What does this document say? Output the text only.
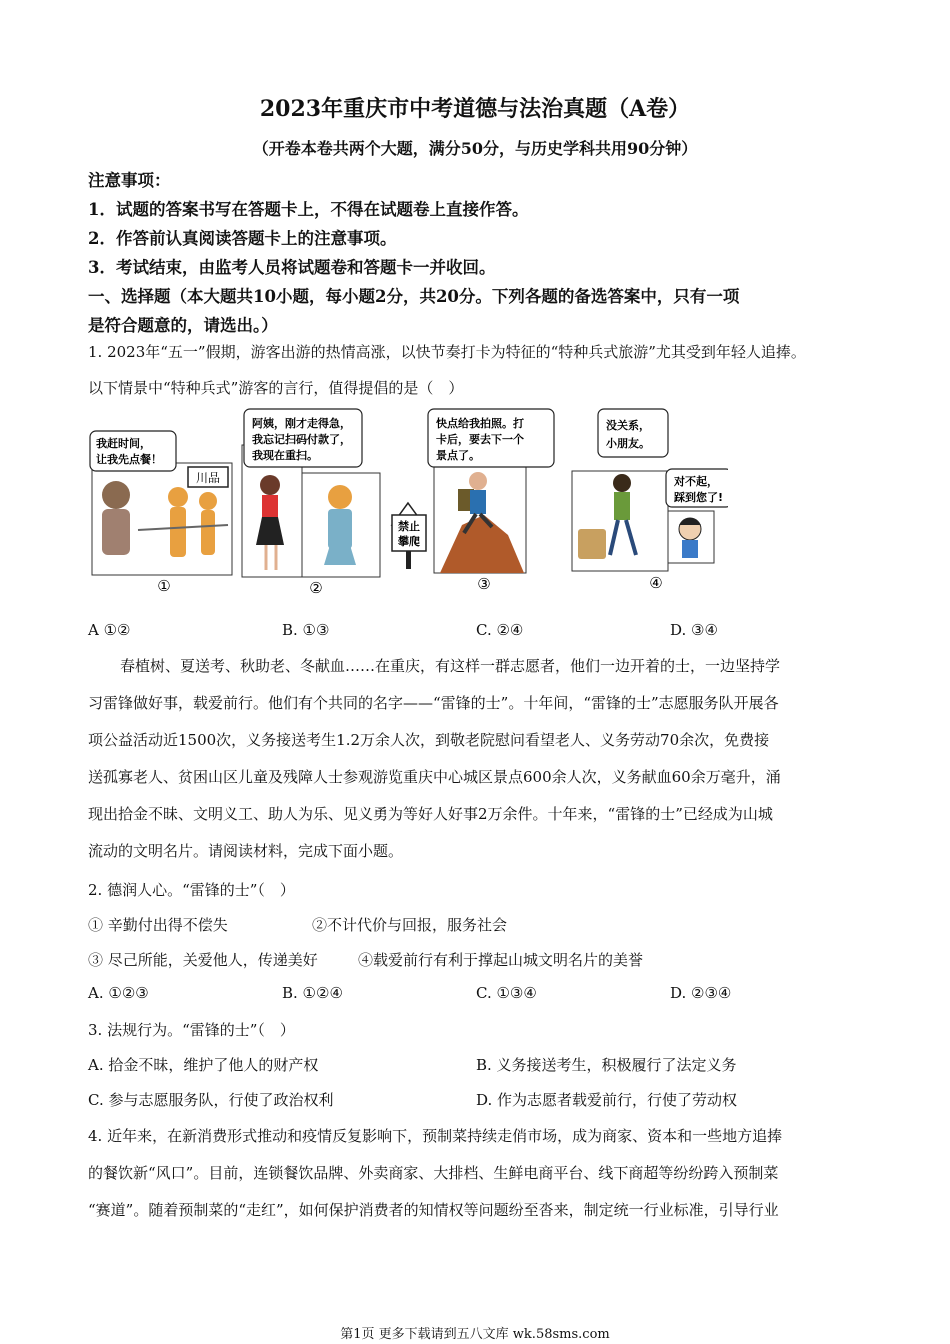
2023年重庆市中考道德与法治真题（A卷）
（开卷本卷共两个大题，满分50分，与历史学科共用90分钟）
注意事项：
1．试题的答案书写在答题卡上，不得在试题卷上直接作答。
2．作答前认真阅读答题卡上的注意事项。
3．考试结束，由监考人员将试题卷和答题卡一并收回。
一、选择题（本大题共10小题，每小题2分，共20分。下列各题的备选答案中，只有一项
是符合题意的，请选出。）
1. 2023年“五一”假期，游客出游的热情高涨，以快节奏打卡为特征的“特种兵式旅游”尤其受到年轻人追捧。
以下情景中“特种兵式”游客的言行，值得提倡的是（　）
川品
我赶时间，
让我先点餐！
阿姨，刚才走得急，
我忘记扫码付款了，
我现在重扫。
禁止
攀爬
快点给我拍照。打
卡后，要去下一个
景点了。
没关系，
小朋友。
对不起，
踩到您了!
①	②	③	④
A ①②	B. ①③	C. ②④	D. ③④
春植树、夏送考、秋助老、冬献血……在重庆，有这样一群志愿者，他们一边开着的士，一边坚持学
习雷锋做好事，载爱前行。他们有个共同的名字——“雷锋的士”。十年间，“雷锋的士”志愿服务队开展各
项公益活动近1500次，义务接送考生1.2万余人次，到敬老院慰问看望老人、义务劳动70余次，免费接
送孤寡老人、贫困山区儿童及残障人士参观游览重庆中心城区景点600余人次，义务献血60余万毫升，涌
现出拾金不昧、文明义工、助人为乐、见义勇为等好人好事2万余件。十年来，“雷锋的士”已经成为山城
流动的文明名片。请阅读材料，完成下面小题。
2. 德润人心。“雷锋的士”（　）
① 辛勤付出得不偿失	②不计代价与回报，服务社会
③ 尽己所能，关爱他人，传递美好	④载爱前行有利于撑起山城文明名片的美誉
A. ①②③	B. ①②④	C. ①③④	D. ②③④
3. 法规行为。“雷锋的士”（　）
A. 拾金不昧，维护了他人的财产权	B. 义务接送考生，积极履行了法定义务
C. 参与志愿服务队，行使了政治权利	D. 作为志愿者载爱前行，行使了劳动权
4. 近年来，在新消费形式推动和疫情反复影响下，预制菜持续走俏市场，成为商家、资本和一些地方追捧
的餐饮新“风口”。目前，连锁餐饮品牌、外卖商家、大排档、生鲜电商平台、线下商超等纷纷跨入预制菜
“赛道”。随着预制菜的“走红”，如何保护消费者的知情权等问题纷至沓来，制定统一行业标准，引导行业
第1页 更多下载请到五八文库 wk.58sms.com
